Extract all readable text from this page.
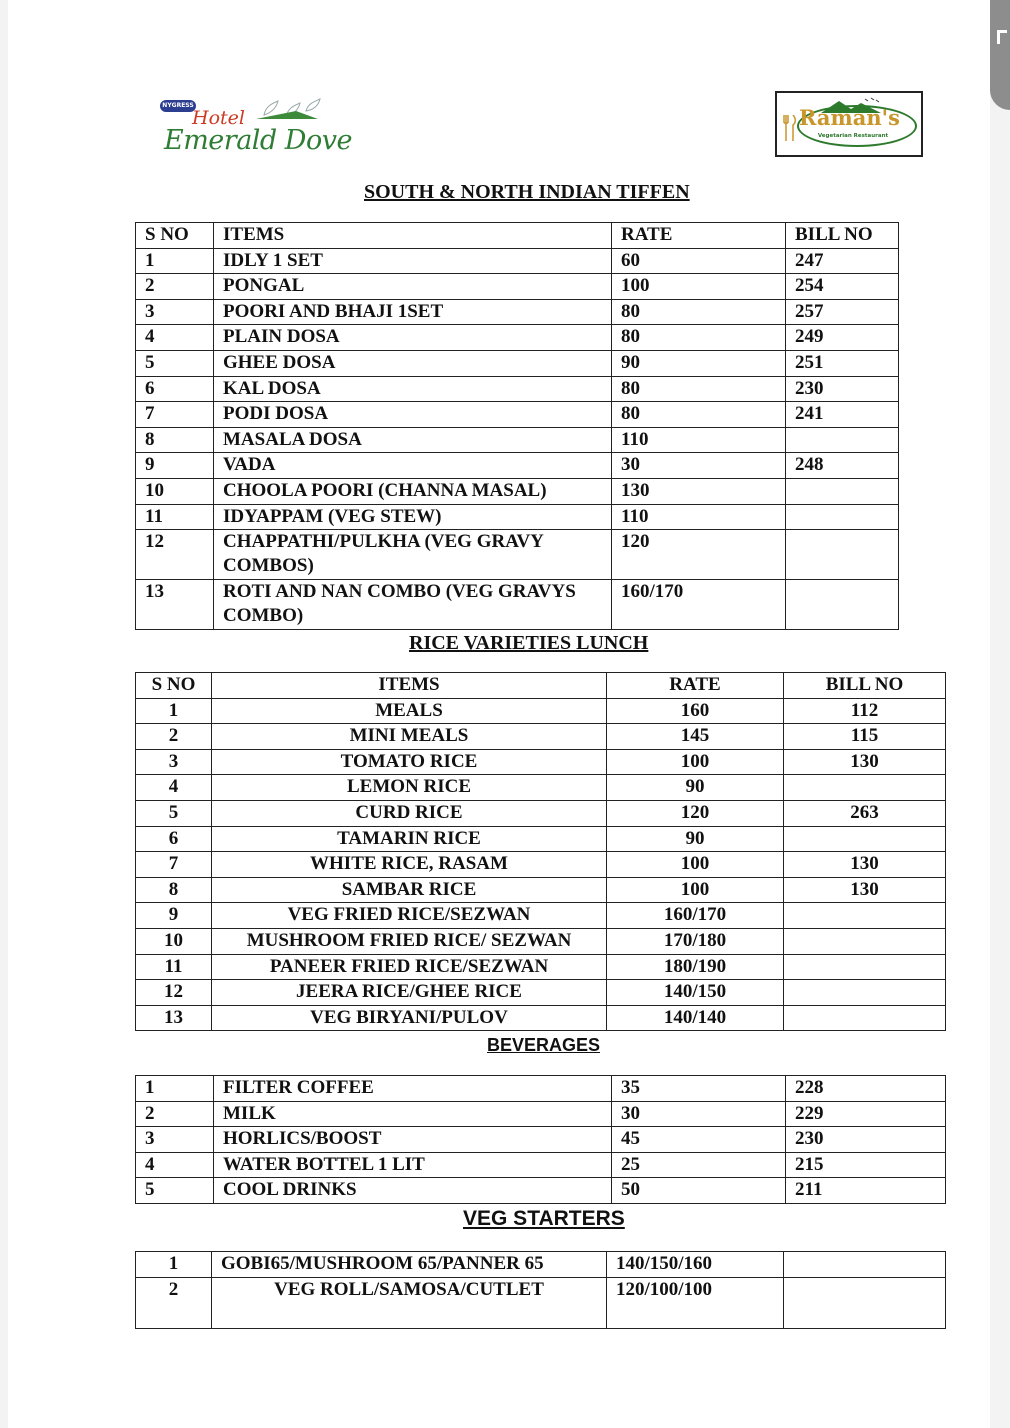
NYGRESS
Hotel
Emerald Dove
Raman's
Vegetarian Restaurant
SOUTH & NORTH INDIAN TIFFEN
S NO	ITEMS	RATE	BILL NO
1	IDLY 1 SET	60	247
2	PONGAL	100	254
3	POORI AND BHAJI 1SET	80	257
4	PLAIN DOSA	80	249
5	GHEE DOSA	90	251
6	KAL DOSA	80	230
7	PODI DOSA	80	241
8	MASALA DOSA	110	
9	VADA	30	248
10	CHOOLA POORI (CHANNA MASAL)	130	
11	IDYAPPAM (VEG STEW)	110	
12	CHAPPATHI/PULKHA (VEG GRAVY COMBOS)	120	
13	ROTI AND NAN COMBO (VEG GRAVYS COMBO)	160/170	
RICE VARIETIES LUNCH
S NO	ITEMS	RATE	BILL NO
1	MEALS	160	112
2	MINI MEALS	145	115
3	TOMATO RICE	100	130
4	LEMON RICE	90	
5	CURD RICE	120	263
6	TAMARIN RICE	90	
7	WHITE RICE, RASAM	100	130
8	SAMBAR RICE	100	130
9	VEG FRIED RICE/SEZWAN	160/170	
10	MUSHROOM FRIED RICE/ SEZWAN	170/180	
11	PANEER FRIED RICE/SEZWAN	180/190	
12	JEERA RICE/GHEE RICE	140/150	
13	VEG BIRYANI/PULOV	140/140	
BEVERAGES
1	FILTER COFFEE	35	228
2	MILK	30	229
3	HORLICS/BOOST	45	230
4	WATER BOTTEL 1 LIT	25	215
5	COOL DRINKS	50	211
VEG STARTERS
1	GOBI65/MUSHROOM 65/PANNER 65	140/150/160	
2	VEG ROLL/SAMOSA/CUTLET	120/100/100	
